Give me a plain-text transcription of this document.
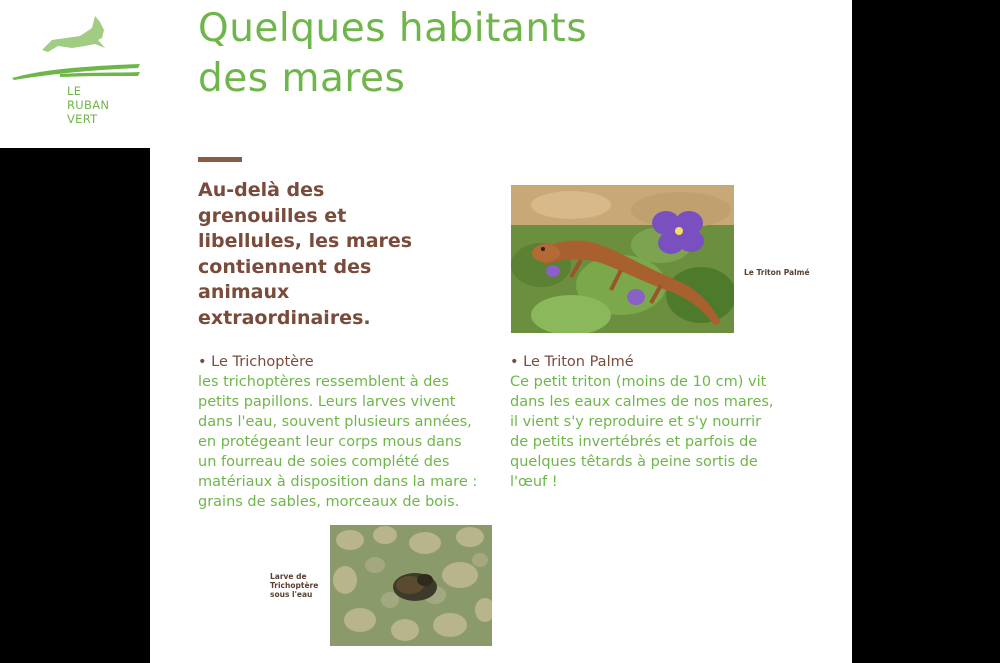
LE
RUBAN
VERT
Quelques habitants
des mares
Au-delà des
grenouilles et
libellules, les mares
contiennent des
animaux
extraordinaires.
Le Triton Palmé
• Le Trichoptère
les trichoptères ressemblent à des
petits papillons. Leurs larves vivent
dans l'eau, souvent plusieurs années,
en protégeant leur corps mous dans
un fourreau de soies complété des
matériaux à disposition dans la mare :
grains de sables, morceaux de bois.
• Le Triton Palmé
Ce petit triton (moins de 10 cm) vit
dans les eaux calmes de nos mares,
il vient s'y reproduire et s'y nourrir
de petits invertébrés et parfois de
quelques têtards à peine sortis de
l'œuf !
Larve de
Trichoptère
sous l'eau
